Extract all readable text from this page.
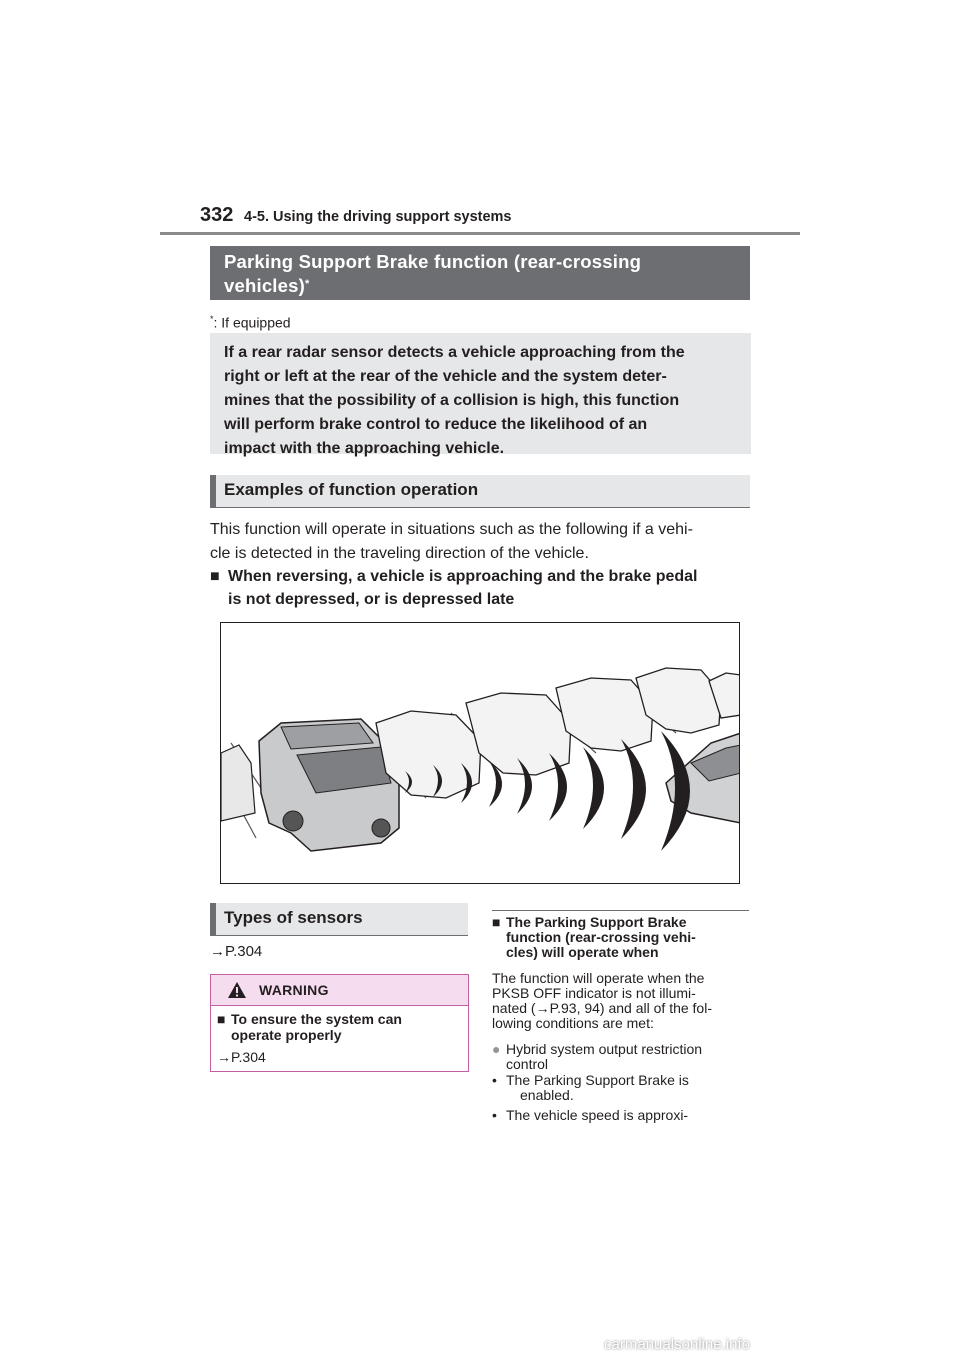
332 4-5. Using the driving support systems
Parking Support Brake function (rear-crossing
vehicles)*
*: If equipped
If a rear radar sensor detects a vehicle approaching from the
right or left at the rear of the vehicle and the system deter-
mines that the possibility of a collision is high, this function
will perform brake control to reduce the likelihood of an
impact with the approaching vehicle.
Examples of function operation
This function will operate in situations such as the following if a vehi-
cle is detected in the traveling direction of the vehicle.
■ When reversing, a vehicle is approaching and the brake pedal
is not depressed, or is depressed late
Types of sensors
→P.304
WARNING
■ To ensure the system can
operate properly
→P.304
■ The Parking Support Brake
function (rear-crossing vehi-
cles) will operate when
The function will operate when the
PKSB OFF indicator is not illumi-
nated (→P.93, 94) and all of the fol-
lowing conditions are met:
● Hybrid system output restriction
control
• The Parking Support Brake is
enabled.
• The vehicle speed is approxi-
carmanualsonline.info
